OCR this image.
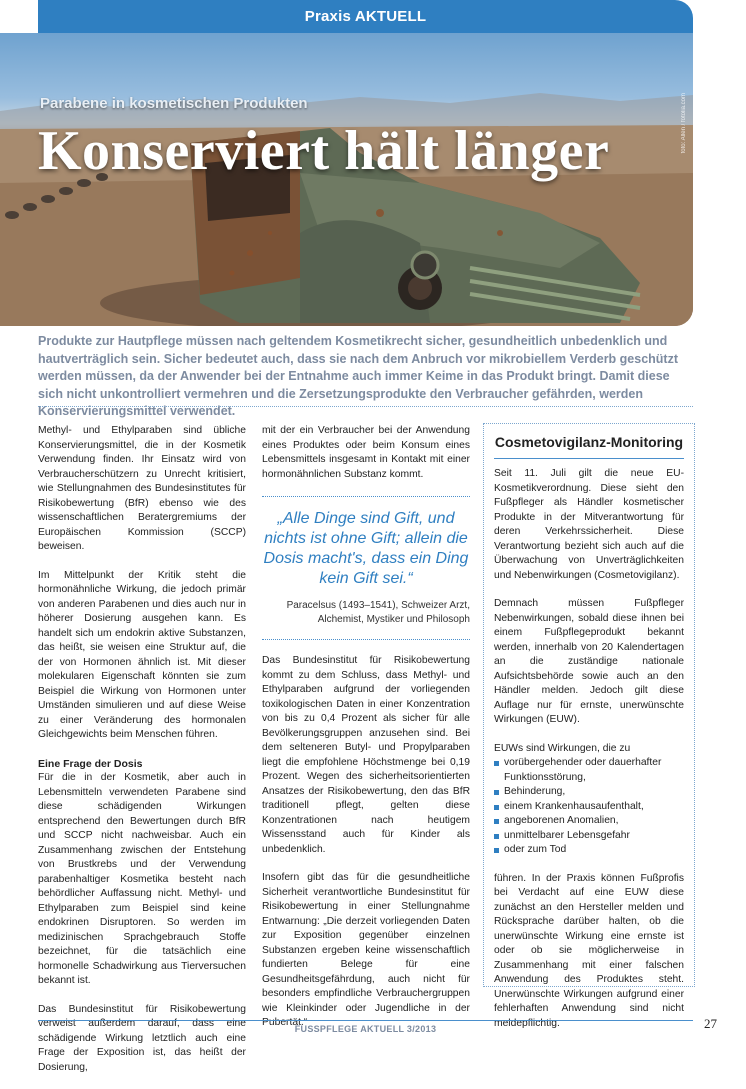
Praxis AKTUELL
Parabene in kosmetischen Produkten
Konserviert hält länger	foto: Allen / fotolia.com
Produkte zur Hautpflege müssen nach geltendem Kosmetikrecht sicher, gesundheitlich unbedenklich und hautverträglich sein. Sicher bedeutet auch, dass sie nach dem Anbruch vor mikrobiellem Verderb geschützt werden müssen, da der Anwender bei der Entnahme auch immer Keime in das Produkt bringt. Damit diese sich nicht unkontrolliert vermehren und die Zersetzungsprodukte den Verbraucher gefährden, werden Konservierungsmittel verwendet.

Methyl- und Ethylparaben sind übliche Konservierungsmittel, die in der Kosmetik Verwendung finden. Ihr Einsatz wird von Verbraucherschützern zu Unrecht kritisiert, wie Stellungnahmen des Bundesinstitutes für Risikobewertung (BfR) ebenso wie des wissenschaftlichen Beratergremiums der Europäischen Kommission (SCCP) beweisen.

Im Mittelpunkt der Kritik steht die hormonähnliche Wirkung, die jedoch primär von anderen Parabenen und dies auch nur in höherer Dosierung ausgehen kann. Es handelt sich um endokrin aktive Substanzen, das heißt, sie weisen eine Struktur auf, die der von Hormonen ähnlich ist. Mit dieser molekularen Eigenschaft könnten sie zum Beispiel die Wirkung von Hormonen unter Umständen simulieren und auf diese Weise zu einer Veränderung des hormonalen Gleichgewichts beim Menschen führen.

Eine Frage der Dosis

Für die in der Kosmetik, aber auch in Lebensmitteln verwendeten Parabene sind diese schädigenden Wirkungen entsprechend den Bewertungen durch BfR und SCCP nicht nachweisbar. Auch ein Zusammenhang zwischen der Entstehung von Brustkrebs und der Verwendung parabenhaltiger Kosmetika besteht nach behördlicher Auffassung nicht. Methyl- und Ethylparaben zum Beispiel sind keine endokrinen Disruptoren. So werden im medizinischen Sprachgebrauch Stoffe bezeichnet, für die tatsächlich eine hormonelle Schadwirkung aus Tierversuchen bekannt ist.

Das Bundesinstitut für Risikobewertung verweist außerdem darauf, dass eine schädigende Wirkung letztlich auch eine Frage der Exposition ist, das heißt der Dosierung,

mit der ein Verbraucher bei der Anwendung eines Produktes oder beim Konsum eines Lebensmittels insgesamt in Kontakt mit einer hormonähnlichen Substanz kommt.

„Alle Dinge sind Gift, und nichts ist ohne Gift; allein die Dosis macht's, dass ein Ding kein Gift sei.“
Paracelsus (1493–1541), Schweizer Arzt, Alchemist, Mystiker und Philosoph

Das Bundesinstitut für Risikobewertung kommt zu dem Schluss, dass Methyl- und Ethylparaben aufgrund der vorliegenden toxikologischen Daten in einer Konzentration von bis zu 0,4 Prozent als sicher für alle Bevölkerungsgruppen anzusehen sind. Bei dem selteneren Butyl- und Propylparaben liegt die empfohlene Höchstmenge bei 0,19 Prozent. Wegen des sicherheitsorientierten Ansatzes der Risikobewertung, den das BfR traditionell pflegt, gelten diese Konzentrationen nach heutigem Wissensstand auch für Kinder als unbedenklich.

Insofern gibt das für die gesundheitliche Sicherheit verantwortliche Bundesinstitut für Risikobewertung in einer Stellungnahme Entwarnung: „Die derzeit vorliegenden Daten zur Exposition gegenüber einzelnen Substanzen ergeben keine wissenschaftlich fundierten Belege für eine Gesundheitsgefährdung, auch nicht für besonders empfindliche Verbrauchergruppen wie Kleinkinder oder Jugendliche in der Pubertät.“

Cosmetovigilanz-Monitoring

Seit 11. Juli gilt die neue EU-Kosmetikverordnung. Diese sieht den Fußpfleger als Händler kosmetischer Produkte in der Mitverantwortung für deren Verkehrssicherheit. Diese Verantwortung bezieht sich auch auf die Überwachung von Unverträglichkeiten und Nebenwirkungen (Cosmetovigilanz).

Demnach müssen Fußpfleger Nebenwirkungen, sobald diese ihnen bei einem Fußpflegeprodukt bekannt werden, innerhalb von 20 Kalendertagen an die zuständige nationale Aufsichtsbehörde sowie auch an den Händler melden. Jedoch gilt diese Auflage nur für ernste, unerwünschte Wirkungen (EUW).

EUWs sind Wirkungen, die zu
vorübergehender oder dauerhafter Funktionsstörung,
Behinderung,
einem Krankenhausaufenthalt,
angeborenen Anomalien,
unmittelbarer Lebensgefahr
oder zum Tod

führen. In der Praxis können Fußprofis bei Verdacht auf eine EUW diese zunächst an den Hersteller melden und Rücksprache darüber halten, ob die unerwünschte Wirkung eine ernste ist oder ob sie möglicherweise in Zusammenhang mit einer falschen Anwendung des Produktes steht. Unerwünschte Wirkungen aufgrund einer fehlerhaften Anwendung sind nicht meldepflichtig.

FUSSPFLEGE AKTUELL 3/2013	27
